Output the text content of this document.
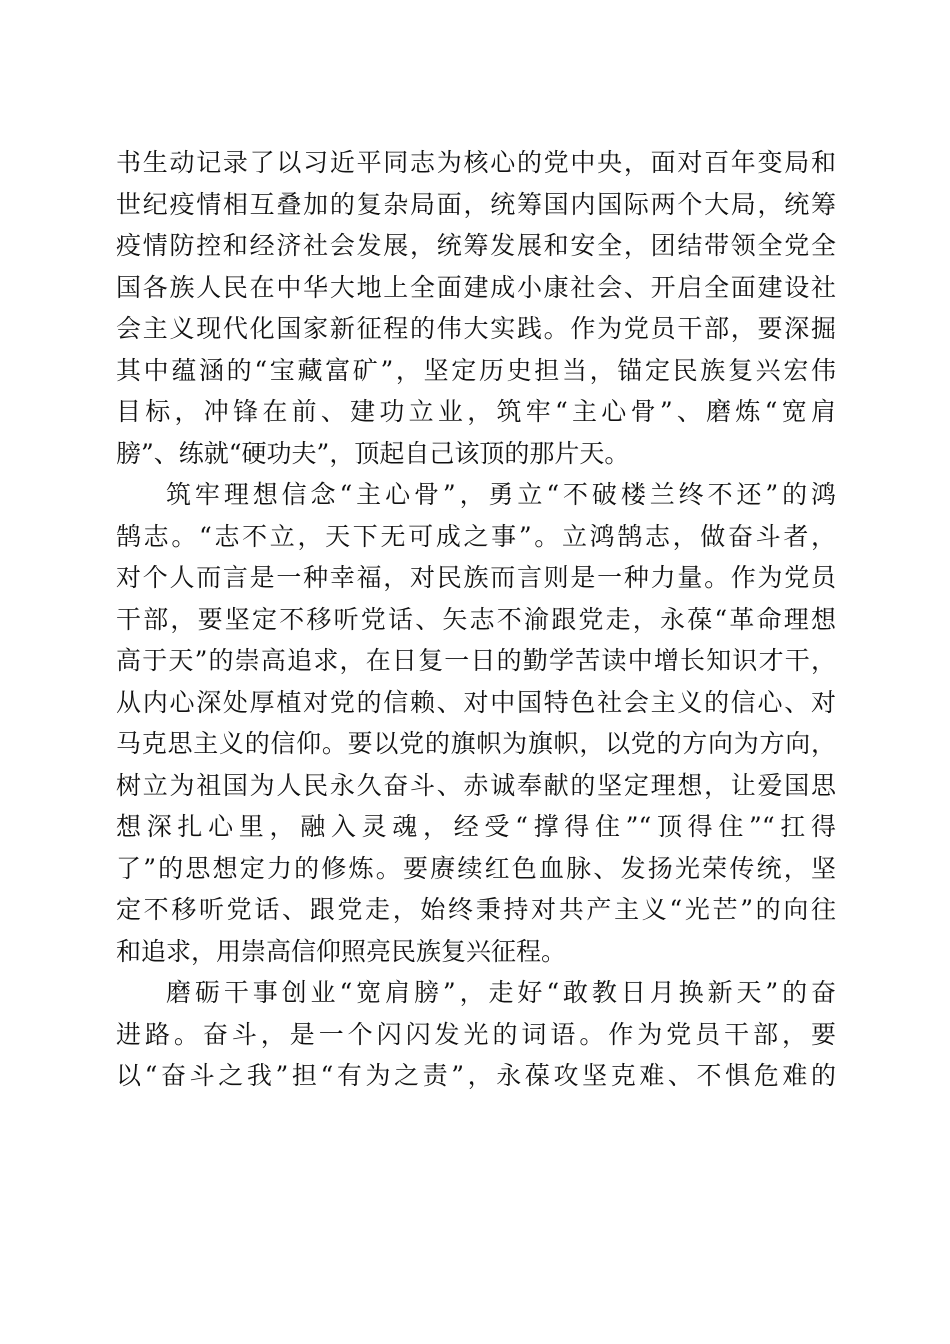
书生动记录了以习近平同志为核心的党中央，面对百年变局和
世纪疫情相互叠加的复杂局面，统筹国内国际两个大局，统筹
疫情防控和经济社会发展，统筹发展和安全，团结带领全党全
国各族人民在中华大地上全面建成小康社会、开启全面建设社
会主义现代化国家新征程的伟大实践。作为党员干部，要深掘
其中蕴涵的“宝藏富矿”，坚定历史担当，锚定民族复兴宏伟
目标，冲锋在前、建功立业，筑牢“主心骨”、磨炼“宽肩
膀”、练就“硬功夫”，顶起自己该顶的那片天。
筑牢理想信念“主心骨”，勇立“不破楼兰终不还”的鸿
鹄志。“志不立，天下无可成之事”。立鸿鹄志，做奋斗者，
对个人而言是一种幸福，对民族而言则是一种力量。作为党员
干部，要坚定不移听党话、矢志不渝跟党走，永葆“革命理想
高于天”的崇高追求，在日复一日的勤学苦读中增长知识才干，
从内心深处厚植对党的信赖、对中国特色社会主义的信心、对
马克思主义的信仰。要以党的旗帜为旗帜，以党的方向为方向，
树立为祖国为人民永久奋斗、赤诚奉献的坚定理想，让爱国思
想深扎心里，融入灵魂，经受“撑得住”“顶得住”“扛得
了”的思想定力的修炼。要赓续红色血脉、发扬光荣传统，坚
定不移听党话、跟党走，始终秉持对共产主义“光芒”的向往
和追求，用崇高信仰照亮民族复兴征程。
磨砺干事创业“宽肩膀”，走好“敢教日月换新天”的奋
进路。奋斗，是一个闪闪发光的词语。作为党员干部，要
以“奋斗之我”担“有为之责”，永葆攻坚克难、不惧危难的
